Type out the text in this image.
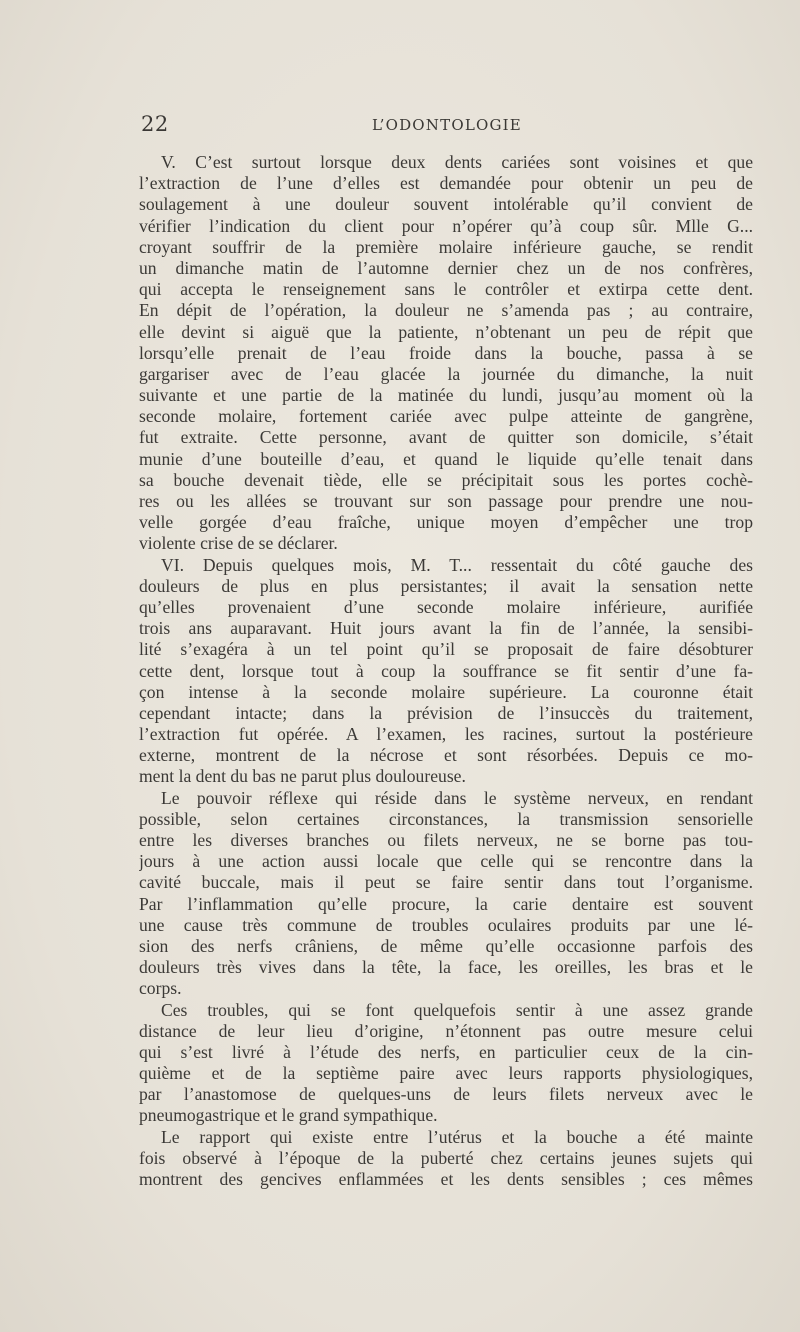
22	L’ODONTOLOGIE
V. C’est surtout lorsque deux dents cariées sont voisines et que
l’extraction de l’une d’elles est demandée pour obtenir un peu de
soulagement à une douleur souvent intolérable qu’il convient de
vérifier l’indication du client pour n’opérer qu’à coup sûr. Mlle G...
croyant souffrir de la première molaire inférieure gauche, se rendit
un dimanche matin de l’automne dernier chez un de nos confrères,
qui accepta le renseignement sans le contrôler et extirpa cette dent.
En dépit de l’opération, la douleur ne s’amenda pas ; au contraire,
elle devint si aiguë que la patiente, n’obtenant un peu de répit que
lorsqu’elle prenait de l’eau froide dans la bouche, passa à se
gargariser avec de l’eau glacée la journée du dimanche, la nuit
suivante et une partie de la matinée du lundi, jusqu’au moment où la
seconde molaire, fortement cariée avec pulpe atteinte de gangrène,
fut extraite. Cette personne, avant de quitter son domicile, s’était
munie d’une bouteille d’eau, et quand le liquide qu’elle tenait dans
sa bouche devenait tiède, elle se précipitait sous les portes cochè-
res ou les allées se trouvant sur son passage pour prendre une nou-
velle gorgée d’eau fraîche, unique moyen d’empêcher une trop
violente crise de se déclarer.
VI. Depuis quelques mois, M. T... ressentait du côté gauche des
douleurs de plus en plus persistantes; il avait la sensation nette
qu’elles provenaient d’une seconde molaire inférieure, aurifiée
trois ans auparavant. Huit jours avant la fin de l’année, la sensibi-
lité s’exagéra à un tel point qu’il se proposait de faire désobturer
cette dent, lorsque tout à coup la souffrance se fit sentir d’une fa-
çon intense à la seconde molaire supérieure. La couronne était
cependant intacte; dans la prévision de l’insuccès du traitement,
l’extraction fut opérée. A l’examen, les racines, surtout la postérieure
externe, montrent de la nécrose et sont résorbées. Depuis ce mo-
ment la dent du bas ne parut plus douloureuse.
Le pouvoir réflexe qui réside dans le système nerveux, en rendant
possible, selon certaines circonstances, la transmission sensorielle
entre les diverses branches ou filets nerveux, ne se borne pas tou-
jours à une action aussi locale que celle qui se rencontre dans la
cavité buccale, mais il peut se faire sentir dans tout l’organisme.
Par l’inflammation qu’elle procure, la carie dentaire est souvent
une cause très commune de troubles oculaires produits par une lé-
sion des nerfs crâniens, de même qu’elle occasionne parfois des
douleurs très vives dans la tête, la face, les oreilles, les bras et le
corps.
Ces troubles, qui se font quelquefois sentir à une assez grande
distance de leur lieu d’origine, n’étonnent pas outre mesure celui
qui s’est livré à l’étude des nerfs, en particulier ceux de la cin-
quième et de la septième paire avec leurs rapports physiologiques,
par l’anastomose de quelques-uns de leurs filets nerveux avec le
pneumogastrique et le grand sympathique.
Le rapport qui existe entre l’utérus et la bouche a été mainte
fois observé à l’époque de la puberté chez certains jeunes sujets qui
montrent des gencives enflammées et les dents sensibles ; ces mêmes
